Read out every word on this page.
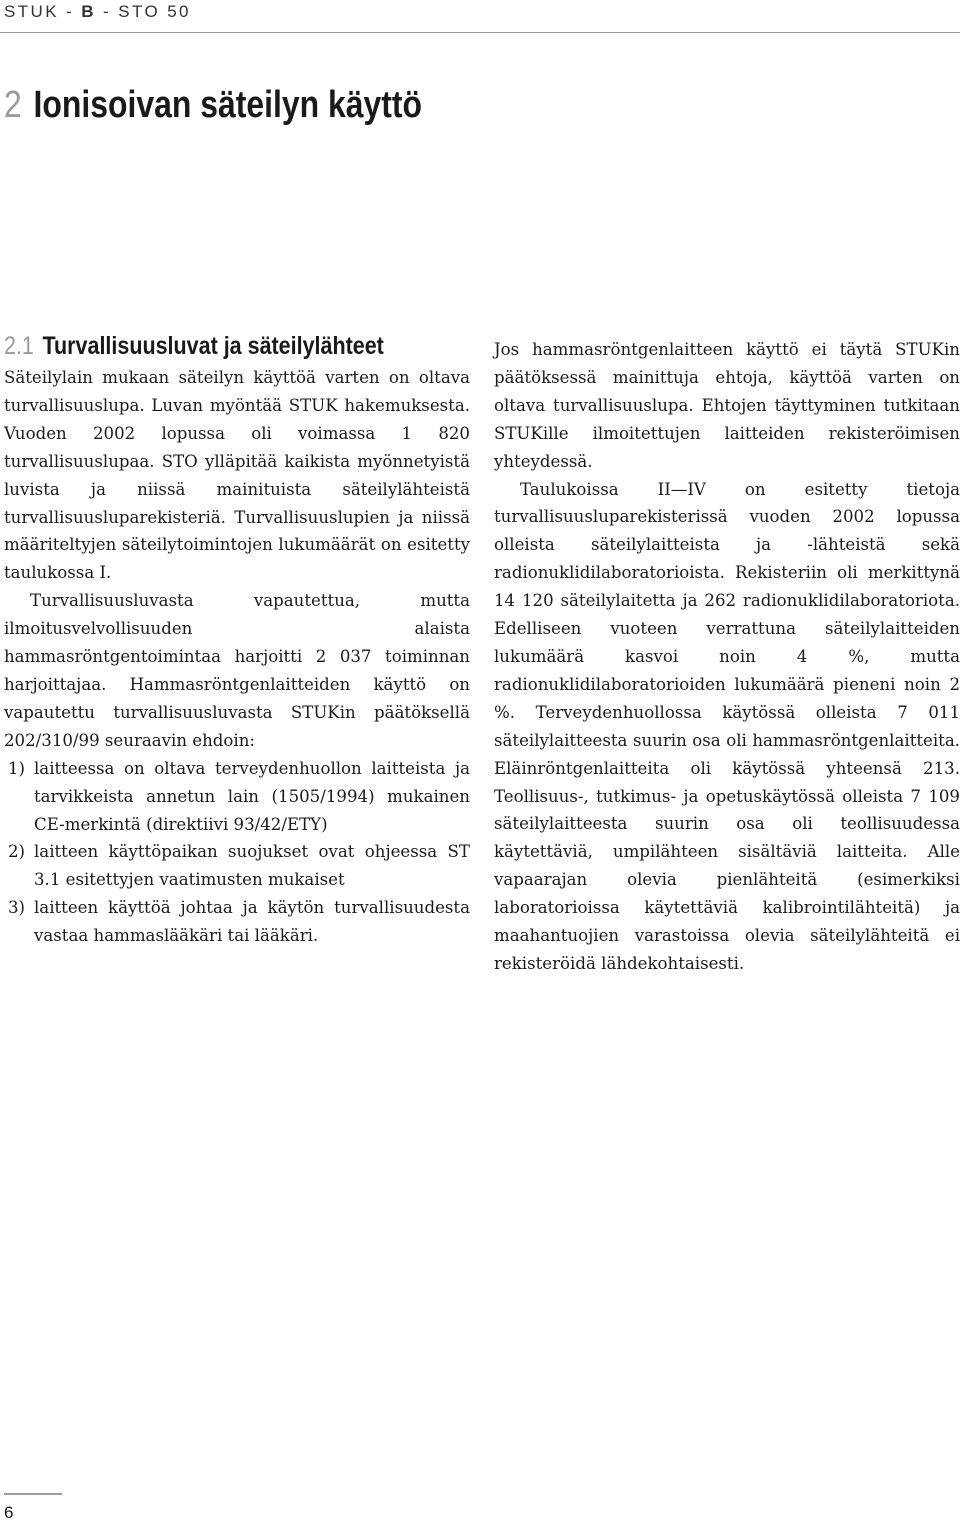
STUK - B - STO 50
2 Ionisoivan säteilyn käyttö
2.1 Turvallisuusluvat ja säteilylähteet

Säteilylain mukaan säteilyn käyttöä varten on oltava turvallisuuslupa. Luvan myöntää STUK hakemuksesta. Vuoden 2002 lopussa oli voimassa 1 820 turvallisuuslupaa. STO ylläpitää kaikista myönnetyistä luvista ja niissä mainituista säteilylähteistä turvallisuusluparekisteriä. Turvallisuuslupien ja niissä määriteltyjen säteilytoimintojen lukumäärät on esitetty taulukossa I.

Turvallisuusluvasta vapautettua, mutta ilmoitusvelvollisuuden alaista hammasröntgentoimintaa harjoitti 2 037 toiminnan harjoittajaa. Hammasröntgenlaitteiden käyttö on vapautettu turvallisuusluvasta STUKin päätöksellä 202/310/99 seuraavin ehdoin:

1) laitteessa on oltava terveydenhuollon laitteista ja tarvikkeista annetun lain (1505/1994) mukainen CE-merkintä (direktiivi 93/42/ETY)
2) laitteen käyttöpaikan suojukset ovat ohjeessa ST 3.1 esitettyjen vaatimusten mukaiset
3) laitteen käyttöä johtaa ja käytön turvallisuudesta vastaa hammaslääkäri tai lääkäri.

Jos hammasröntgenlaitteen käyttö ei täytä STUKin päätöksessä mainittuja ehtoja, käyttöä varten on oltava turvallisuuslupa. Ehtojen täyttyminen tutkitaan STUKille ilmoitettujen laitteiden rekisteröimisen yhteydessä.

Taulukoissa II—IV on esitetty tietoja turvallisuusluparekisterissä vuoden 2002 lopussa olleista säteilylaitteista ja -lähteistä sekä radionuklidilaboratorioista. Rekisteriin oli merkittynä 14 120 säteilylaitetta ja 262 radionuklidilaboratoriota. Edelliseen vuoteen verrattuna säteilylaitteiden lukumäärä kasvoi noin 4 %, mutta radionuklidilaboratorioiden lukumäärä pieneni noin 2 %. Terveydenhuollossa käytössä olleista 7 011 säteilylaitteesta suurin osa oli hammasröntgenlaitteita. Eläinröntgenlaitteita oli käytössä yhteensä 213. Teollisuus-, tutkimus- ja opetuskäytössä olleista 7 109 säteilylaitteesta suurin osa oli teollisuudessa käytettäviä, umpilähteen sisältäviä laitteita. Alle vapaarajan olevia pienlähteitä (esimerkiksi laboratorioissa käytettäviä kalibrointilähteitä) ja maahantuojien varastoissa olevia säteilylähteitä ei rekisteröidä lähdekohtaisesti.

6
